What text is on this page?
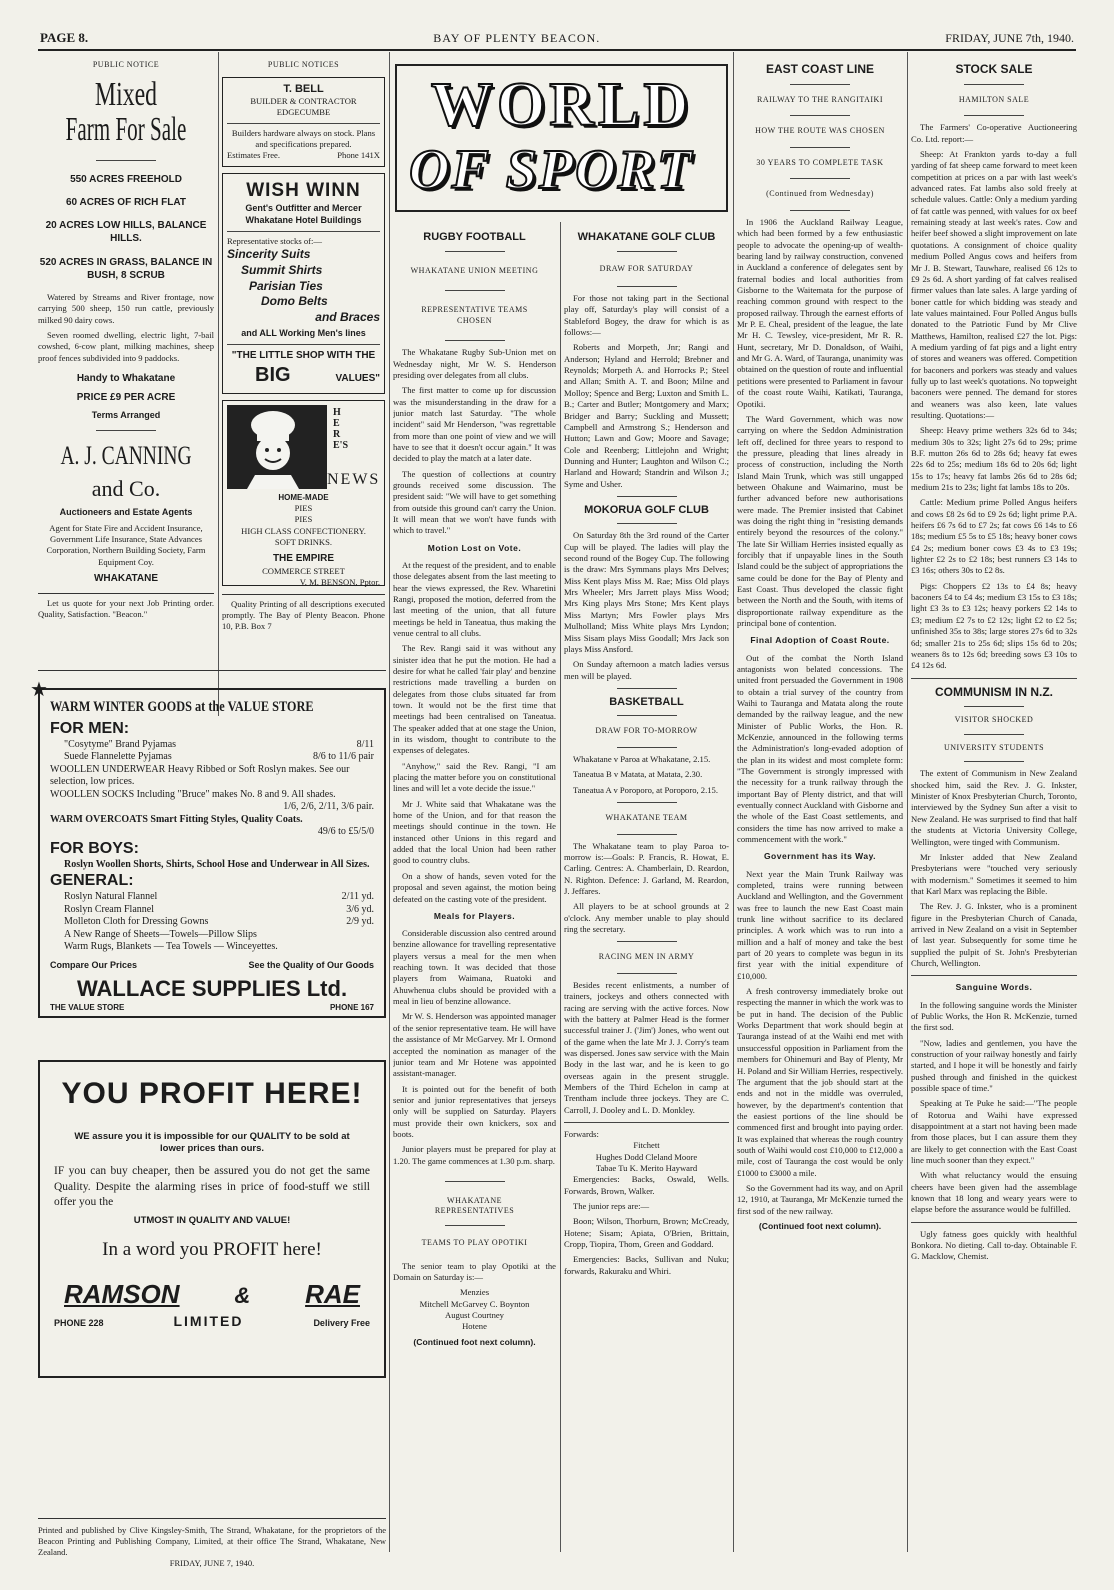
PAGE 8.	BAY OF PLENTY BEACON.	FRIDAY, JUNE 7th, 1940.
PUBLIC NOTICE
Mixed
Farm For Sale
550 ACRES FREEHOLD
60 ACRES OF RICH FLAT
20 ACRES LOW HILLS, BALANCE HILLS.
520 ACRES IN GRASS, BALANCE IN BUSH, 8 SCRUB

Watered by Streams and River frontage, now carrying 500 sheep, 150 run cattle, previously milked 90 dairy cows.

Seven roomed dwelling, electric light, 7-bail cowshed, 6-cow plant, milking machines, sheep proof fences subdivided into 9 paddocks.

Handy to Whakatane
PRICE £9 PER ACRE
Terms Arranged
A. J. CANNING
and Co.
Auctioneers and Estate Agents

Agent for State Fire and Accident Insurance, Government Life Insurance, State Advances Corporation, Northern Building Society, Farm Equipment Coy.

WHAKATANE

Let us quote for your next Job Printing order. Quality, Satisfaction. "Beacon."

PUBLIC NOTICES
T. BELL
BUILDER & CONTRACTOR
EDGECUMBE
Builders hardware always on stock. Plans and specifications prepared.
Estimates Free.	Phone 141X
WISH WINN
Gent's Outfitter and Mercer Whakatane Hotel Buildings
Representative stocks of:—
Sincerity Suits
Summit Shirts
Parisian Ties
Domo Belts
and Braces
and ALL Working Men's lines
"THE LITTLE SHOP WITH THE
BIG	VALUES"
HERE'S
NEWS
HOME-MADE
PIES
PIES
HIGH CLASS CONFECTIONERY.
SOFT DRINKS.
THE EMPIRE
COMMERCE STREET
V. M. BENSON, Pptor.

Quality Printing of all descriptions executed promptly. The Bay of Plenty Beacon. Phone 10, P.B. Box 7

★
WARM WINTER GOODS at the VALUE STORE
FOR MEN:
"Cosytyme" Brand Pyjamas	8/11
Suede Flannelette Pyjamas	8/6 to 11/6 pair
WOOLLEN UNDERWEAR Heavy Ribbed or Soft Roslyn makes. See our selection, low prices.
WOOLLEN SOCKS Including "Bruce" makes No. 8 and 9. All shades.
1/6, 2/6, 2/11, 3/6 pair.
WARM OVERCOATS Smart Fitting Styles, Quality Coats.
49/6 to £5/5/0
FOR BOYS:
Roslyn Woollen Shorts, Shirts, School Hose and Underwear in All Sizes.
GENERAL:
Roslyn Natural Flannel	2/11 yd.
Roslyn Cream Flannel	3/6 yd.
Molleton Cloth for Dressing Gowns	2/9 yd.
A New Range of Sheets—Towels—Pillow Slips
Warm Rugs, Blankets — Tea Towels — Winceyettes.
Compare Our Prices	See the Quality of Our Goods
WALLACE SUPPLIES Ltd.
THE VALUE STORE	PHONE 167
YOU PROFIT HERE!
WE assure you it is impossible for our QUALITY to be sold at lower prices than ours.
IF you can buy cheaper, then be assured you do not get the same Quality. Despite the alarming rises in price of food-stuff we still offer you the
UTMOST IN QUALITY AND VALUE!
In a word you PROFIT here!
RAMSON & RAE
PHONE 228	LIMITED	Delivery Free
Printed and published by Clive Kingsley-Smith, The Strand, Whakatane, for the proprietors of the Beacon Printing and Publishing Company, Limited, at their office The Strand, Whakatane, New Zealand.
FRIDAY, JUNE 7, 1940.
WORLD
OF SPORT
RUGBY FOOTBALL
WHAKATANE UNION MEETING
REPRESENTATIVE TEAMS CHOSEN

The Whakatane Rugby Sub-Union met on Wednesday night, Mr W. S. Henderson presiding over delegates from all clubs.

The first matter to come up for discussion was the misunderstanding in the draw for a junior match last Saturday. "The whole incident" said Mr Henderson, "was regrettable from more than one point of view and we will have to see that it doesn't occur again." It was decided to play the match at a later date.

The question of collections at country grounds received some discussion. The president said: "We will have to get something from outside this ground can't carry the Union. It will mean that we won't have funds with which to travel."

Motion Lost on Vote.

At the request of the president, and to enable those delegates absent from the last meeting to hear the views expressed, the Rev. Wharetini Rangi, proposed the motion, deferred from the last meeting of the union, that all future meetings be held in Taneatua, thus making the venue central to all clubs.

The Rev. Rangi said it was without any sinister idea that he put the motion. He had a desire for what he called 'fair play' and benzine restrictions made travelling a burden on delegates from those clubs situated far from town. It would not be the first time that meetings had been centralised on Taneatua. The speaker added that at one stage the Union, in its wisdom, thought to contribute to the expenses of delegates.

"Anyhow," said the Rev. Rangi, "I am placing the matter before you on constitutional lines and will let a vote decide the issue."

Mr J. White said that Whakatane was the home of the Union, and for that reason the meetings should continue in the town. He instanced other Unions in this regard and added that the local Union had been rather good to country clubs.

On a show of hands, seven voted for the proposal and seven against, the motion being defeated on the casting vote of the president.

Meals for Players.

Considerable discussion also centred around benzine allowance for travelling representative players versus a meal for the men when reaching town. It was decided that those players from Waimana, Ruatoki and Ahuwhenua clubs should be provided with a meal in lieu of benzine allowance.

Mr W. S. Henderson was appointed manager of the senior representative team. He will have the assistance of Mr McGarvey. Mr I. Ormond accepted the nomination as manager of the junior team and Mr Hotene was appointed assistant-manager.

It is pointed out for the benefit of both senior and junior representatives that jerseys only will be supplied on Saturday. Players must provide their own knickers, sox and boots.

Junior players must be prepared for play at 1.20. The game commences at 1.30 p.m. sharp.

WHAKATANE REPRESENTATIVES
TEAMS TO PLAY OPOTIKI

The senior team to play Opotiki at the Domain on Saturday is:—

Menzies
Mitchell McGarvey C. Boynton
August Courtney
Hotene
(Continued foot next column).
WHAKATANE GOLF CLUB
DRAW FOR SATURDAY

For those not taking part in the Sectional play off, Saturday's play will consist of a Stableford Bogey, the draw for which is as follows:—

Roberts and Morpeth, Jnr; Rangi and Anderson; Hyland and Herrold; Brebner and Reynolds; Morpeth A. and Horrocks P.; Steel and Allan; Smith A. T. and Boon; Milne and Molloy; Spence and Berg; Luxton and Smith L. B.; Carter and Butler; Montgomery and Marx; Bridger and Barry; Suckling and Mussett; Campbell and Armstrong S.; Henderson and Hutton; Lawn and Gow; Moore and Savage; Cole and Reenberg; Littlejohn and Wright; Dunning and Hunter; Laughton and Wilson C.; Harland and Howard; Standrin and Wilson J.; Syme and Usher.

MOKORUA GOLF CLUB

On Saturday 8th the 3rd round of the Carter Cup will be played. The ladies will play the second round of the Bogey Cup. The following is the draw: Mrs Symmans plays Mrs Delves; Miss Kent plays Miss M. Rae; Miss Old plays Mrs Wheeler; Mrs Jarrett plays Miss Wood; Mrs King plays Mrs Stone; Mrs Kent plays Miss Martyn; Mrs Fowler plays Mrs Mulholland; Miss White plays Mrs Lyndon; Miss Sisam plays Miss Goodall; Mrs Jack son plays Miss Ansford.

On Sunday afternoon a match ladies versus men will be played.

BASKETBALL
DRAW FOR TO-MORROW

Whakatane v Paroa at Whakatane, 2.15.

Taneatua B v Matata, at Matata, 2.30.

Taneatua A v Poroporo, at Poroporo, 2.15.

WHAKATANE TEAM

The Whakatane team to play Paroa to-morrow is:—Goals: P. Francis, R. Howat, E. Carling. Centres: A. Chamberlain, D. Reardon, N. Righton. Defence: J. Garland, M. Reardon, J. Jeffares.

All players to be at school grounds at 2 o'clock. Any member unable to play should ring the secretary.

RACING MEN IN ARMY

Besides recent enlistments, a number of trainers, jockeys and others connected with racing are serving with the active forces. Now with the battery at Palmer Head is the former successful trainer J. ('Jim') Jones, who went out of the game when the late Mr J. J. Corry's team was dispersed. Jones saw service with the Main Body in the last war, and he is keen to go overseas again in the present struggle. Members of the Third Echelon in camp at Trentham include three jockeys. They are C. Carroll, J. Dooley and L. D. Monkley.

Forwards:
Fitchett
Hughes Dodd Cleland Moore
Tabae Tu K. Merito Hayward

Emergencies: Backs, Oswald, Wells. Forwards, Brown, Walker.

The junior reps are:—

Boon; Wilson, Thorburn, Brown; McCready, Hotene; Sisam; Apiata, O'Brien, Brittain, Cropp, Tiopira, Thom, Green and Goddard.

Emergencies: Backs, Sullivan and Nuku; forwards, Rakuraku and Whiri.

EAST COAST LINE
RAILWAY TO THE RANGITAIKI
HOW THE ROUTE WAS CHOSEN
30 YEARS TO COMPLETE TASK
(Continued from Wednesday)

In 1906 the Auckland Railway League, which had been formed by a few enthusiastic people to advocate the opening-up of wealth-bearing land by railway construction, convened in Auckland a conference of delegates sent by fraternal bodies and local authorities from Gisborne to the Waitemata for the purpose of reaching common ground with respect to the proposed railway. Through the earnest efforts of Mr P. E. Cheal, president of the league, the late Mr H. C. Tewsley, vice-president, Mr R. R. Hunt, secretary, Mr D. Donaldson, of Waihi, and Mr G. A. Ward, of Tauranga, unanimity was obtained on the question of route and influential petitions were presented to Parliament in favour of the coast route Waihi, Katikati, Tauranga, Opotiki.

The Ward Government, which was now carrying on where the Seddon Administration left off, declined for three years to respond to the pressure, pleading that lines already in process of construction, including the North Island Main Trunk, which was still ungapped between Ohakune and Waimarino, must be further advanced before new authorisations were made. The Premier insisted that Cabinet was doing the right thing in "resisting demands entirely beyond the resources of the colony." The late Sir William Herries insisted equally as forcibly that if unpayable lines in the South Island could be the subject of appropriations the same could be done for the Bay of Plenty and East Coast. Thus developed the classic fight between the North and the South, with items of disproportionate railway expenditure as the principal bone of contention.

Final Adoption of Coast Route.

Out of the combat the North Island antagonists won belated concessions. The united front persuaded the Government in 1908 to obtain a trial survey of the country from Waihi to Tauranga and Matata along the route demanded by the railway league, and the new Minister of Public Works, the Hon. R. McKenzie, announced in the following terms the Administration's long-evaded adoption of the plan in its widest and most complete form: "The Government is strongly impressed with the necessity for a trunk railway through the important Bay of Plenty district, and that will eventually connect Auckland with Gisborne and the whole of the East Coast settlements, and considers the time has now arrived to make a commencement with the work."

Government has its Way.

Next year the Main Trunk Railway was completed, trains were running between Auckland and Wellington, and the Government was free to launch the new East Coast main trunk line without sacrifice to its declared principles. A work which was to run into a million and a half of money and take the best part of 20 years to complete was begun in its first year with the initial expenditure of £10,000.

A fresh controversy immediately broke out respecting the manner in which the work was to be put in hand. The decision of the Public Works Department that work should begin at Tauranga instead of at the Waihi end met with unsuccessful opposition in Parliament from the members for Ohinemuri and Bay of Plenty, Mr H. Poland and Sir William Herries, respectively. The argument that the job should start at the ends and not in the middle was overruled, however, by the department's contention that the easiest portions of the line should be commenced first and brought into paying order. It was explained that whereas the rough country south of Waihi would cost £10,000 to £12,000 a mile, cost of Tauranga the cost would be only £1000 to £3000 a mile.

So the Government had its way, and on April 12, 1910, at Tauranga, Mr McKenzie turned the first sod of the new railway.

(Continued foot next column).
STOCK SALE
HAMILTON SALE

The Farmers' Co-operative Auctioneering Co. Ltd. report:—

Sheep: At Frankton yards to-day a full yarding of fat sheep came forward to meet keen competition at prices on a par with last week's advanced rates. Fat lambs also sold freely at schedule values. Cattle: Only a medium yarding of fat cattle was penned, with values for ox beef remaining steady at last week's rates. Cow and heifer beef showed a slight improvement on late quotations. A consignment of choice quality medium Polled Angus cows and heifers from Mr J. B. Stewart, Tauwhare, realised £6 12s to £9 2s 6d. A short yarding of fat calves realised firmer values than late sales. A large yarding of boner cattle for which bidding was steady and late values maintained. Four Polled Angus bulls donated to the Patriotic Fund by Mr Clive Matthews, Hamilton, realised £27 the lot. Pigs: A medium yarding of fat pigs and a light entry of stores and weaners was offered. Competition for baconers and porkers was steady and values fully up to last week's quotations. No topweight baconers were penned. The demand for stores and weaners was also keen, late values resulting. Quotations:—

Sheep: Heavy prime wethers 32s 6d to 34s; medium 30s to 32s; light 27s 6d to 29s; prime B.F. mutton 26s 6d to 28s 6d; heavy fat ewes 22s 6d to 25s; medium 18s 6d to 20s 6d; light 15s to 17s; heavy fat lambs 26s 6d to 28s 6d; medium 21s to 23s; light fat lambs 18s to 20s.

Cattle: Medium prime Polled Angus heifers and cows £8 2s 6d to £9 2s 6d; light prime P.A. heifers £6 7s 6d to £7 2s; fat cows £6 14s to £6 18s; medium £5 5s to £5 18s; heavy boner cows £4 2s; medium boner cows £3 4s to £3 19s; lighter £2 2s to £2 18s; best runners £3 14s to £3 16s; others 30s to £2 8s.

Pigs: Choppers £2 13s to £4 8s; heavy baconers £4 to £4 4s; medium £3 15s to £3 18s; light £3 3s to £3 12s; heavy porkers £2 14s to £3; medium £2 7s to £2 12s; light £2 to £2 5s; unfinished 35s to 38s; large stores 27s 6d to 32s 6d; smaller 21s to 25s 6d; slips 15s 6d to 20s; weaners 8s to 12s 6d; breeding sows £3 10s to £4 12s 6d.

COMMUNISM IN N.Z.
VISITOR SHOCKED
UNIVERSITY STUDENTS

The extent of Communism in New Zealand shocked him, said the Rev. J. G. Inkster, Minister of Knox Presbyterian Church, Toronto, interviewed by the Sydney Sun after a visit to New Zealand. He was surprised to find that half the students at Victoria University College, Wellington, were tinged with Communism.

Mr Inkster added that New Zealand Presbyterians were "touched very seriously with modernism." Sometimes it seemed to him that Karl Marx was replacing the Bible.

The Rev. J. G. Inkster, who is a prominent figure in the Presbyterian Church of Canada, arrived in New Zealand on a visit in September of last year. Subsequently for some time he supplied the pulpit of St. John's Presbyterian Church, Wellington.

Sanguine Words.

In the following sanguine words the Minister of Public Works, the Hon R. McKenzie, turned the first sod.

"Now, ladies and gentlemen, you have the construction of your railway honestly and fairly started, and I hope it will be honestly and fairly pushed through and finished in the quickest possible space of time."

Speaking at Te Puke he said:—"The people of Rotorua and Waihi have expressed disappointment at a start not having been made from those places, but I can assure them they are likely to get connection with the East Coast line much sooner than they expect."

With what reluctancy would the ensuing cheers have been given had the assemblage known that 18 long and weary years were to elapse before the assurance would be fulfilled.

Ugly fatness goes quickly with healthful Bonkora. No dieting. Call to-day. Obtainable F. G. Macklow, Chemist.
